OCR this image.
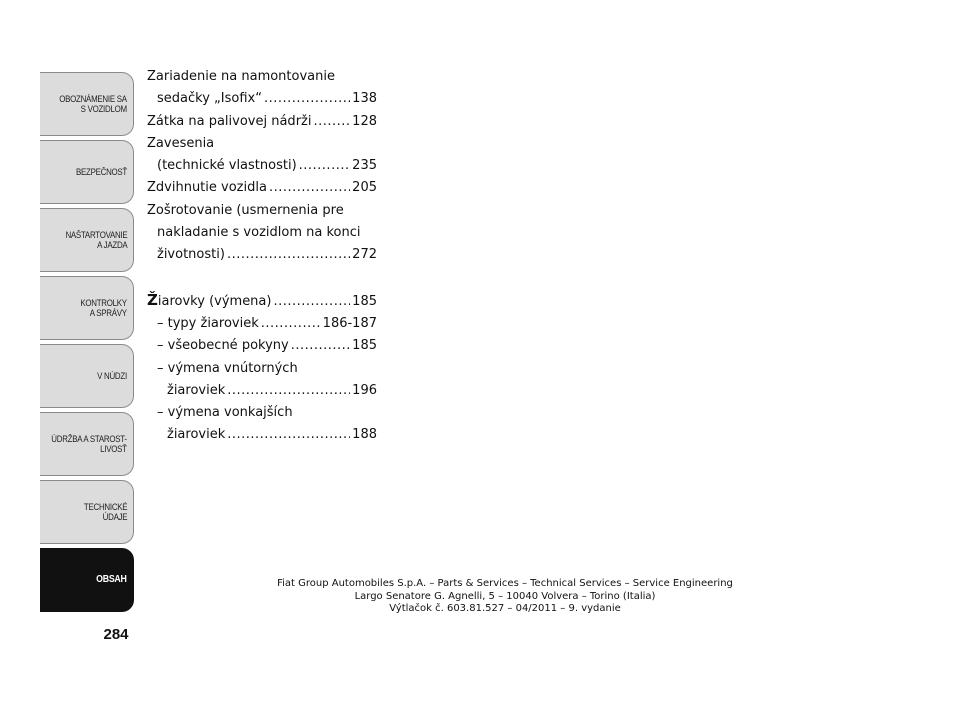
OBOZNÁMENIE SA
S VOZIDLOM
BEZPEČNOSŤ
NAŠTARTOVANIE
A JAZDA
KONTROLKY
A SPRÁVY
V NÚDZI
ÚDRŽBA A STAROST-
LIVOSŤ
TECHNICKÉ
ÚDAJE
OBSAH
284
Zariadenie na namontovanie
sedačky „Isofix“ .....	138
Zátka na palivovej nádrži .....	128
Zavesenia
(technické vlastnosti) .....	235
Zdvihnutie vozidla .....	205
Zošrotovanie (usmernenia pre
nakladanie s vozidlom na konci
životnosti) .....	272
Žiarovky (výmena) .....	185
– typy žiaroviek .....	186-187
– všeobecné pokyny .....	185
– výmena vnútorných
žiaroviek .....	196
– výmena vonkajších
žiaroviek .....	188
Fiat Group Automobiles S.p.A. – Parts & Services – Technical Services – Service Engineering
Largo Senatore G. Agnelli, 5 – 10040 Volvera – Torino (Italia)
Výtlačok č. 603.81.527 – 04/2011 – 9. vydanie
